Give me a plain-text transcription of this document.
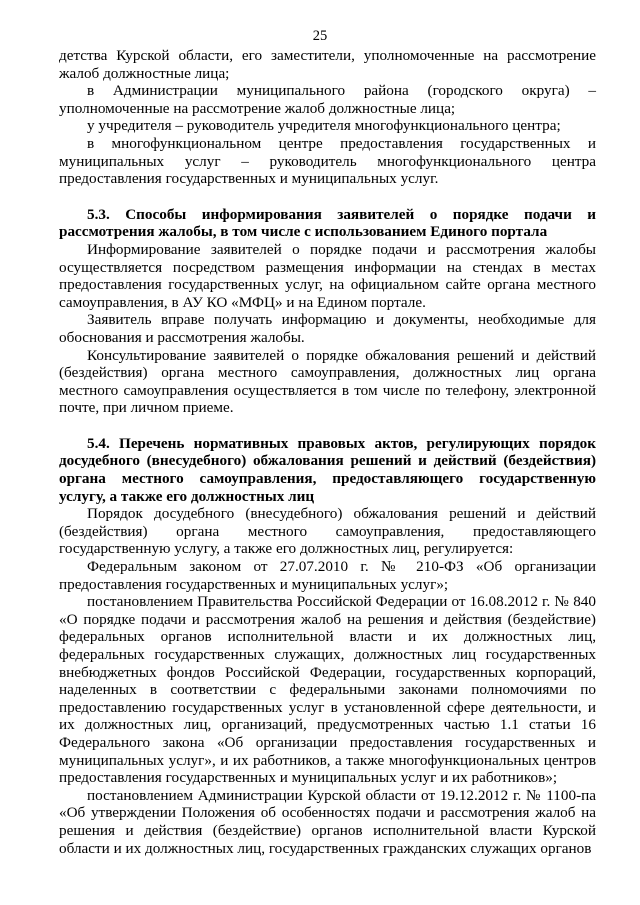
25

детства Курской области, его заместители, уполномоченные на рассмотрение жалоб должностные лица;

в Администрации муниципального района (городского округа) – уполномоченные на рассмотрение жалоб должностные лица;

у учредителя – руководитель учредителя многофункционального центра;

в многофункциональном центре предоставления государственных и муниципальных услуг – руководитель многофункционального центра предоставления государственных и муниципальных услуг.

5.3. Способы информирования заявителей о порядке подачи и рассмотрения жалобы, в том числе с использованием Единого портала

Информирование заявителей о порядке подачи и рассмотрения жалобы осуществляется посредством размещения информации на стендах в местах предоставления государственных услуг, на официальном сайте органа местного самоуправления, в АУ КО «МФЦ» и на Едином портале.

Заявитель вправе получать информацию и документы, необходимые для обоснования и рассмотрения жалобы.

Консультирование заявителей о порядке обжалования решений и действий (бездействия) органа местного самоуправления, должностных лиц органа местного самоуправления осуществляется в том числе по телефону, электронной почте, при личном приеме.

5.4. Перечень нормативных правовых актов, регулирующих порядок досудебного (внесудебного) обжалования решений и действий (бездействия) органа местного самоуправления, предоставляющего государственную услугу, а также его должностных лиц

Порядок досудебного (внесудебного) обжалования решений и действий (бездействия) органа местного самоуправления, предоставляющего государственную услугу, а также его должностных лиц, регулируется:

Федеральным законом от 27.07.2010 г. № 210-ФЗ «Об организации предоставления государственных и муниципальных услуг»;

постановлением Правительства Российской Федерации от 16.08.2012 г. № 840 «О порядке подачи и рассмотрения жалоб на решения и действия (бездействие) федеральных органов исполнительной власти и их должностных лиц, федеральных государственных служащих, должностных лиц государственных внебюджетных фондов Российской Федерации, государственных корпораций, наделенных в соответствии с федеральными законами полномочиями по предоставлению государственных услуг в установленной сфере деятельности, и их должностных лиц, организаций, предусмотренных частью 1.1 статьи 16 Федерального закона «Об организации предоставления государственных и муниципальных услуг», и их работников, а также многофункциональных центров предоставления государственных и муниципальных услуг и их работников»;

постановлением Администрации Курской области от 19.12.2012 г. № 1100-па «Об утверждении Положения об особенностях подачи и рассмотрения жалоб на решения и действия (бездействие) органов исполнительной власти Курской области и их должностных лиц, государственных гражданских служащих органов
